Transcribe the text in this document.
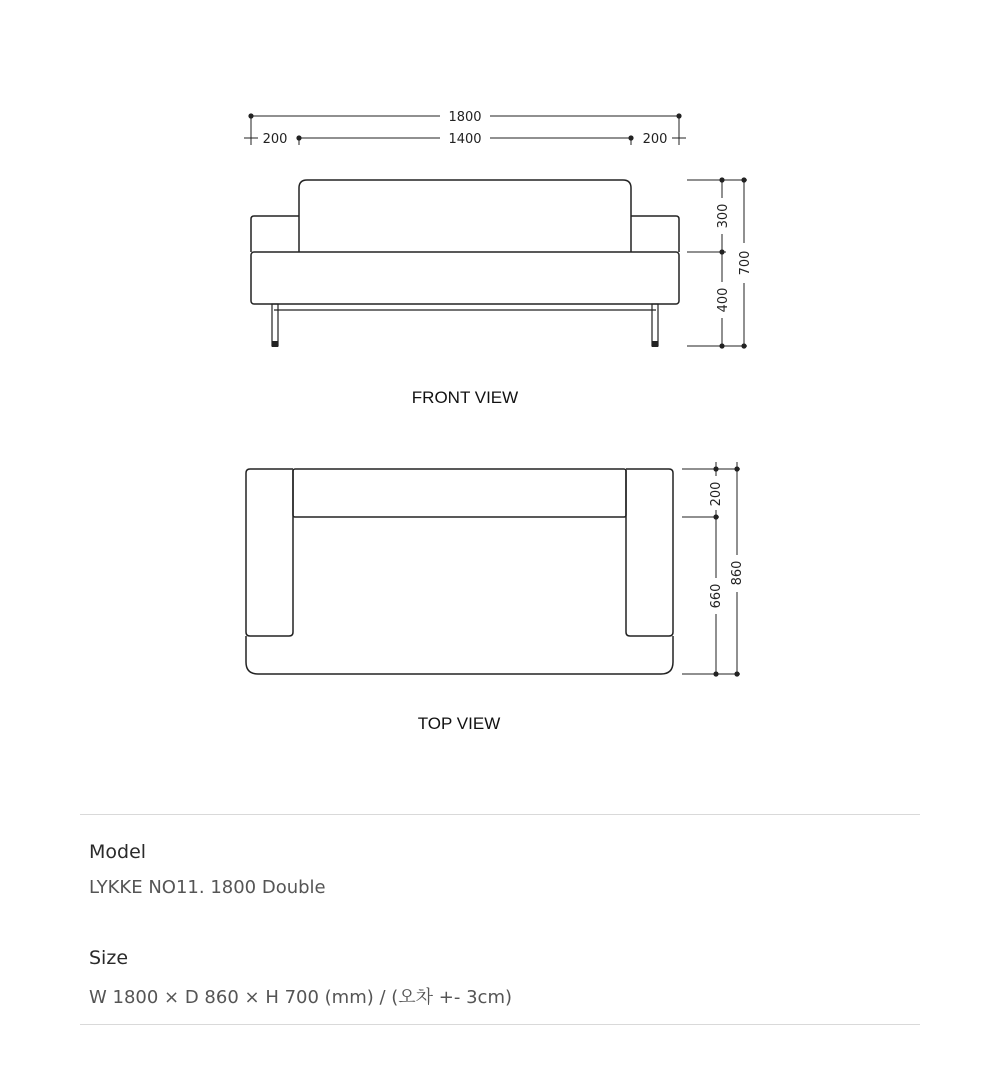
1800
200	1400	200
300
400
700
FRONT VIEW
200
660
860
TOP VIEW

Model

LYKKE NO11. 1800 Double

Size

W 1800 × D 860 × H 700 (mm) / (오차 +- 3cm)
